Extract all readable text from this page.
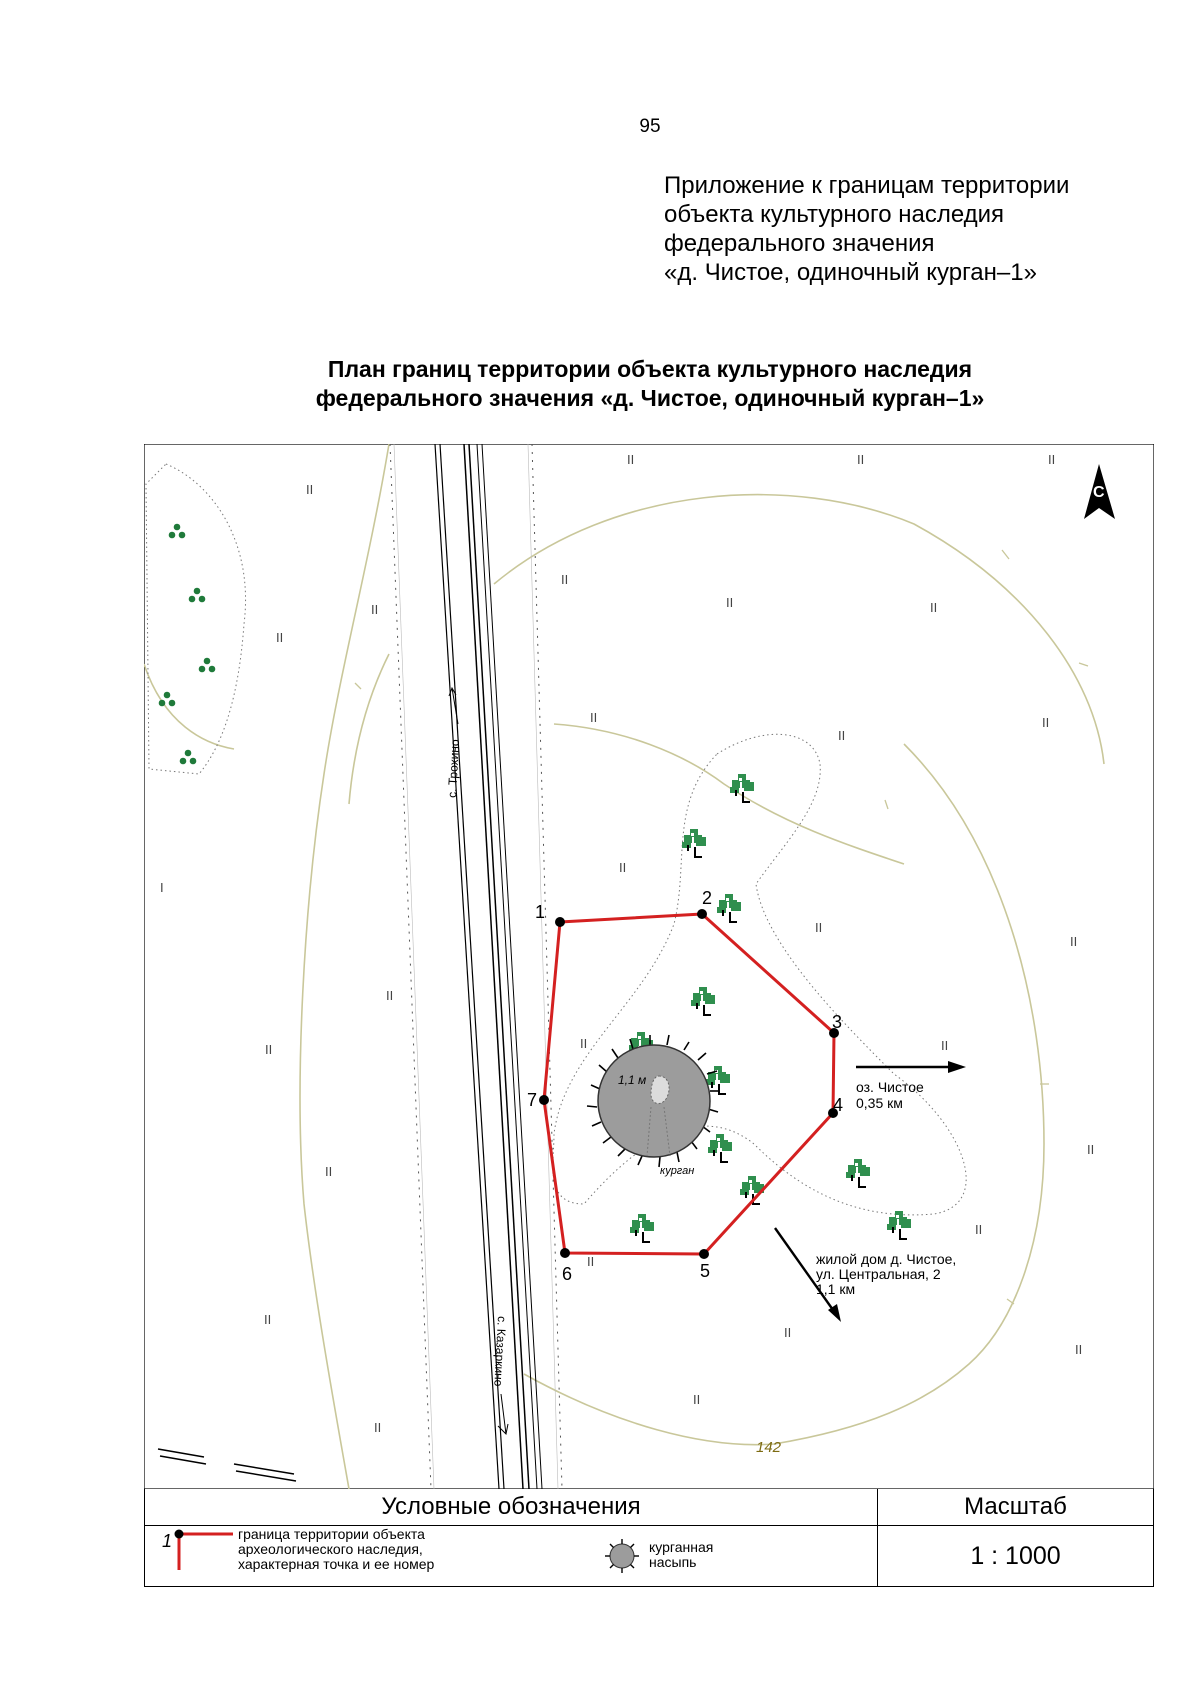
95
Приложение к границам территории
объекта культурного наследия
федерального значения
«д. Чистое, одиночный курган–1»
План границ территории объекта культурного наследия
федерального значения «д. Чистое, одиночный курган–1»
II
II	II	II
II
II	II	II
II
II
II
II
II
II
II
II
II	II	II
II
II
II
II
II
II
II
II
II
I
с. Трохино
с. Казаркино
1,1 м
курган
1
2
3
4
5
6
7
оз. Чистое
0,35 км
жилой дом д. Чистое,
ул. Центральная, 2
1,1 км
142
С
Условные обозначения	Масштаб
1	граница территории объекта
археологического наследия,
характерная точка и ее номер
курганная
насыпь	1 : 1000
